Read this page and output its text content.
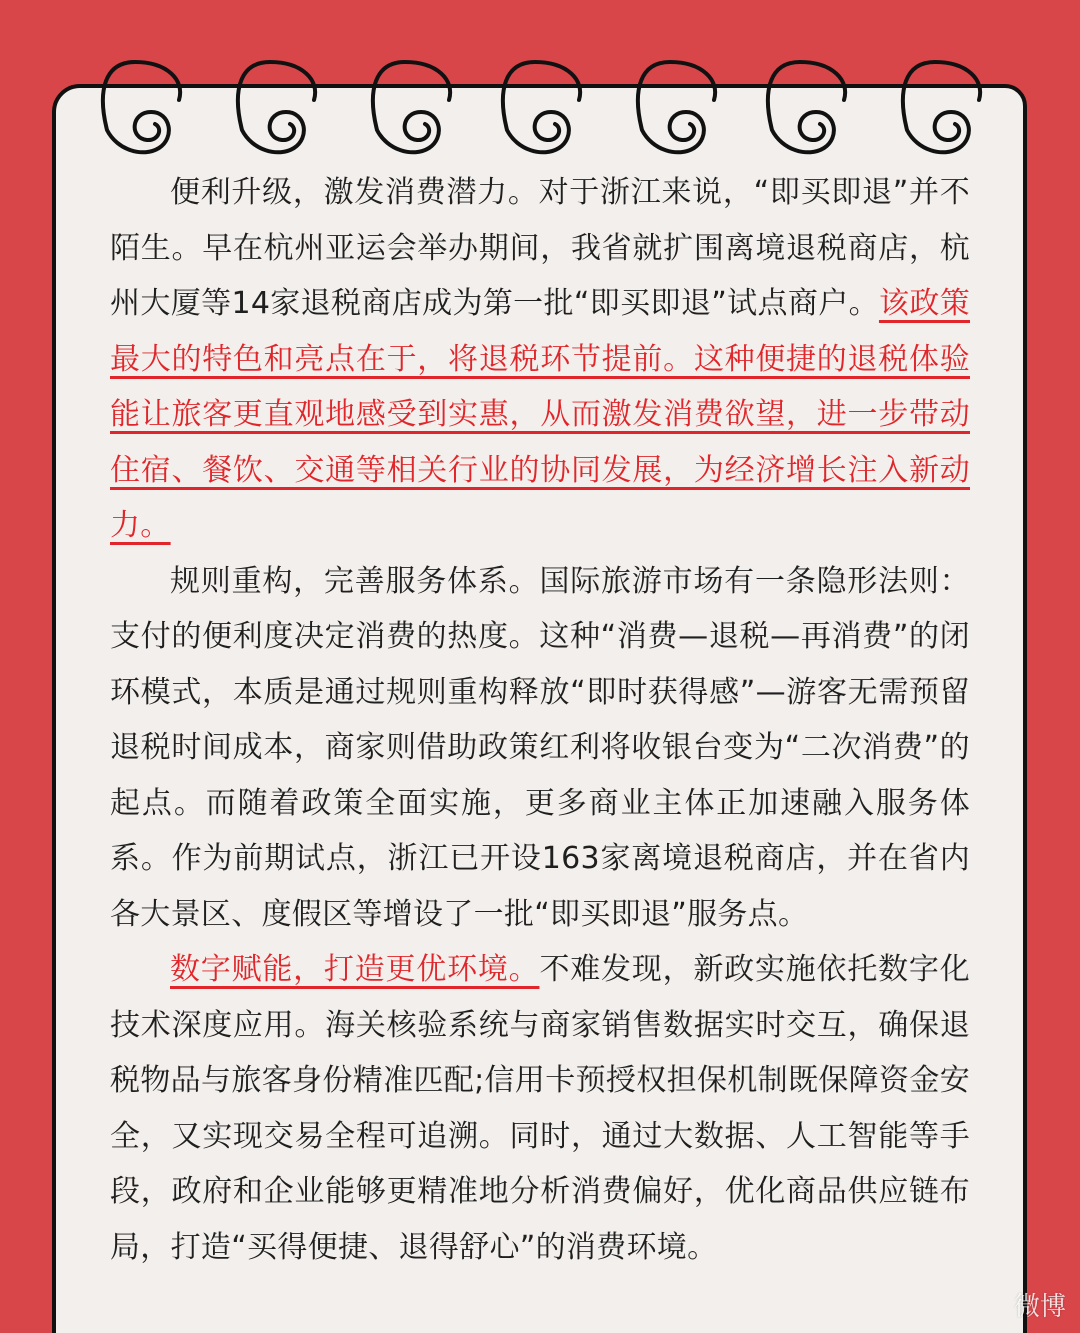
便利升级，激发消费潜力。对于浙江来说，“即买即退”并不陌生。早在杭州亚运会举办期间，我省就扩围离境退税商店，杭州大厦等14家退税商店成为第一批“即买即退”试点商户。该政策最大的特色和亮点在于，将退税环节提前。这种便捷的退税体验能让旅客更直观地感受到实惠，从而激发消费欲望，进一步带动住宿、餐饮、交通等相关行业的协同发展，为经济增长注入新动力。

规则重构，完善服务体系。国际旅游市场有一条隐形法则：支付的便利度决定消费的热度。这种“消费—退税—再消费”的闭环模式，本质是通过规则重构释放“即时获得感”—游客无需预留退税时间成本，商家则借助政策红利将收银台变为“二次消费”的起点。而随着政策全面实施，更多商业主体正加速融入服务体系。作为前期试点，浙江已开设163家离境退税商店，并在省内各大景区、度假区等增设了一批“即买即退”服务点。

数字赋能，打造更优环境。不难发现，新政实施依托数字化技术深度应用。海关核验系统与商家销售数据实时交互，确保退税物品与旅客身份精准匹配;信用卡预授权担保机制既保障资金安全，又实现交易全程可追溯。同时，通过大数据、人工智能等手段，政府和企业能够更精准地分析消费偏好，优化商品供应链布局，打造“买得便捷、退得舒心”的消费环境。

微博
